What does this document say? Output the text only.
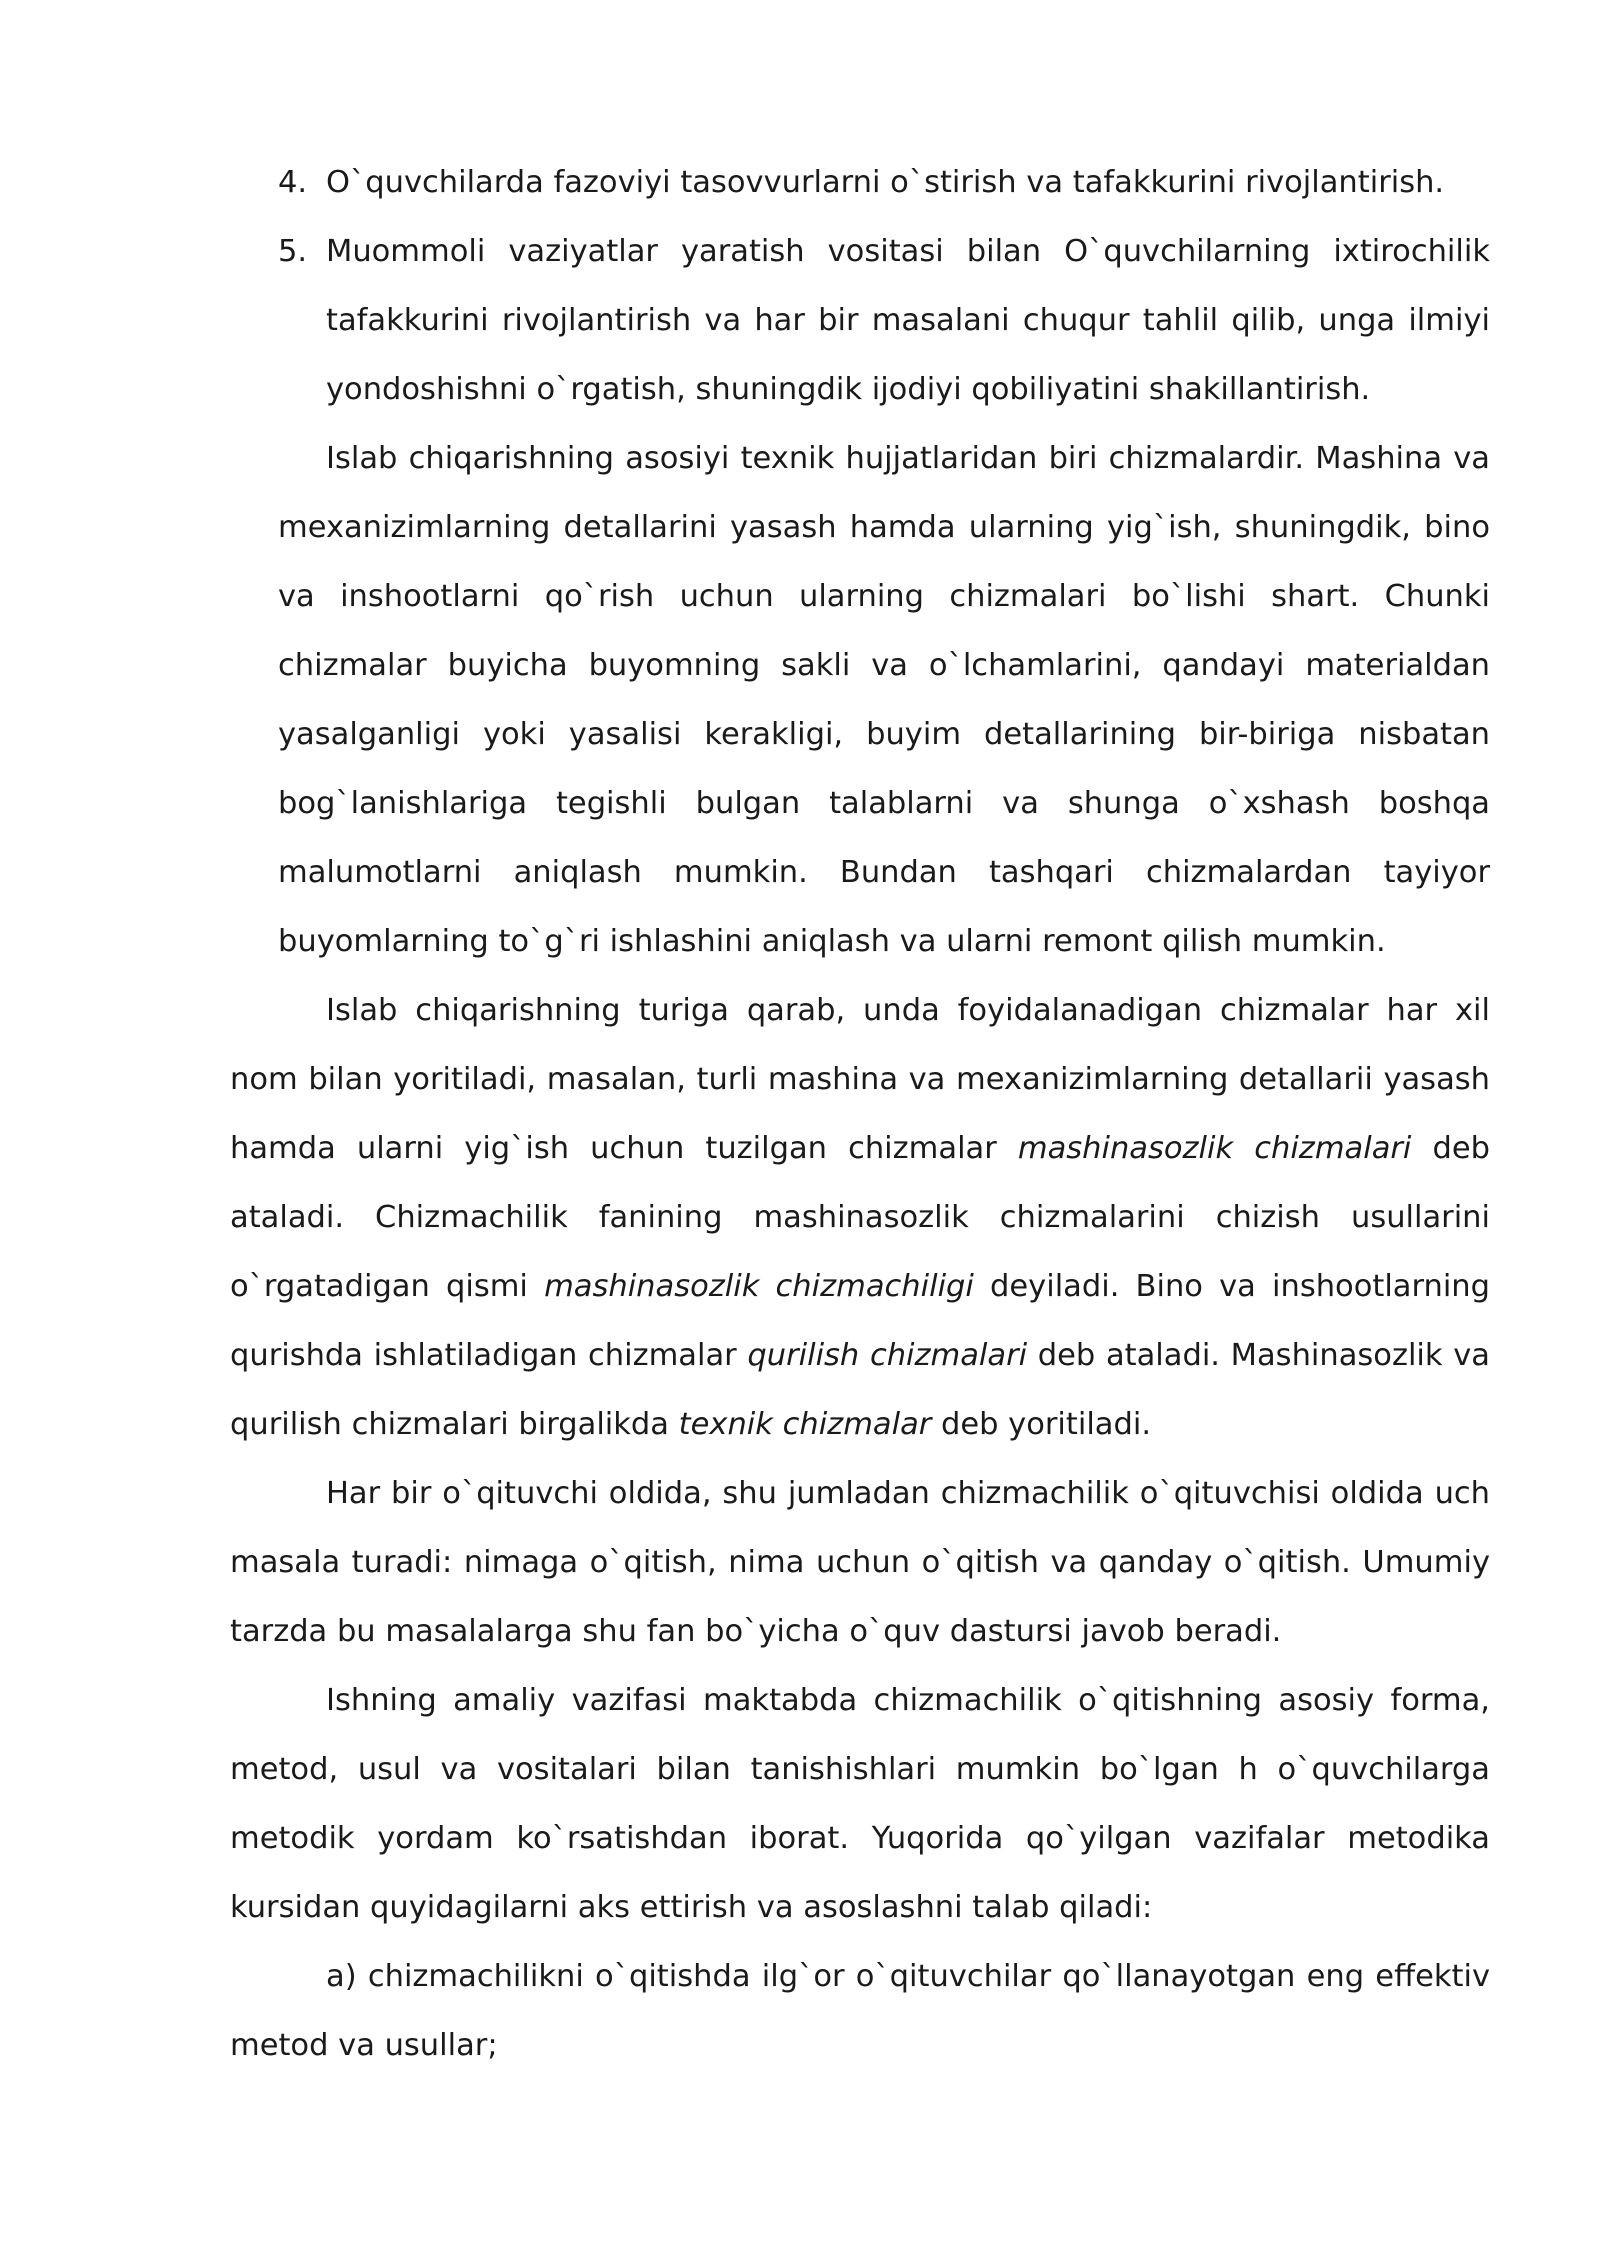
4. O`quvchilarda fazoviyi tasovvurlarni o`stirish va tafakkurini rivojlantirish.
5. Muommoli vaziyatlar yaratish vositasi bilan O`quvchilarning ixtirochilik tafakkurini rivojlantirish va har bir masalani chuqur tahlil qilib, unga ilmiyi yondoshishni o`rgatish, shuningdik ijodiyi qobiliyatini shakillantirish.

Islab chiqarishning asosiyi texnik hujjatlaridan biri chizmalardir. Mashina va mexanizimlarning detallarini yasash hamda ularning yig`ish, shuningdik, bino va inshootlarni qo`rish uchun ularning chizmalari bo`lishi shart. Chunki chizmalar buyicha buyomning sakli va o`lchamlarini, qandayi materialdan yasalganligi yoki yasalisi kerakligi, buyim detallarining bir-biriga nisbatan bog`lanishlariga tegishli bulgan talablarni va shunga o`xshash boshqa malumotlarni aniqlash mumkin. Bundan tashqari chizmalardan tayiyor buyomlarning to`g`ri ishlashini aniqlash va ularni remont qilish mumkin.

Islab chiqarishning turiga qarab, unda foyidalanadigan chizmalar har xil nom bilan yoritiladi, masalan, turli mashina va mexanizimlarning detallarii yasash hamda ularni yig`ish uchun tuzilgan chizmalar mashinasozlik chizmalari deb ataladi. Chizmachilik fanining mashinasozlik chizmalarini chizish usullarini o`rgatadigan qismi mashinasozlik chizmachiligi deyiladi. Bino va inshootlarning qurishda ishlatiladigan chizmalar qurilish chizmalari deb ataladi. Mashinasozlik va qurilish chizmalari birgalikda texnik chizmalar deb yoritiladi.

Har bir o`qituvchi oldida, shu jumladan chizmachilik o`qituvchisi oldida uch masala turadi: nimaga o`qitish, nima uchun o`qitish va qanday o`qitish. Umumiy tarzda bu masalalarga shu fan bo`yicha o`quv dastursi javob beradi.

Ishning amaliy vazifasi maktabda chizmachilik o`qitishning asosiy forma, metod, usul va vositalari bilan tanishishlari mumkin bo`lgan h o`quvchilarga metodik yordam ko`rsatishdan iborat. Yuqorida qo`yilgan vazifalar metodika kursidan quyidagilarni aks ettirish va asoslashni talab qiladi:

a) chizmachilikni o`qitishda ilg`or o`qituvchilar qo`llanayotgan eng effektiv metod va usullar;
